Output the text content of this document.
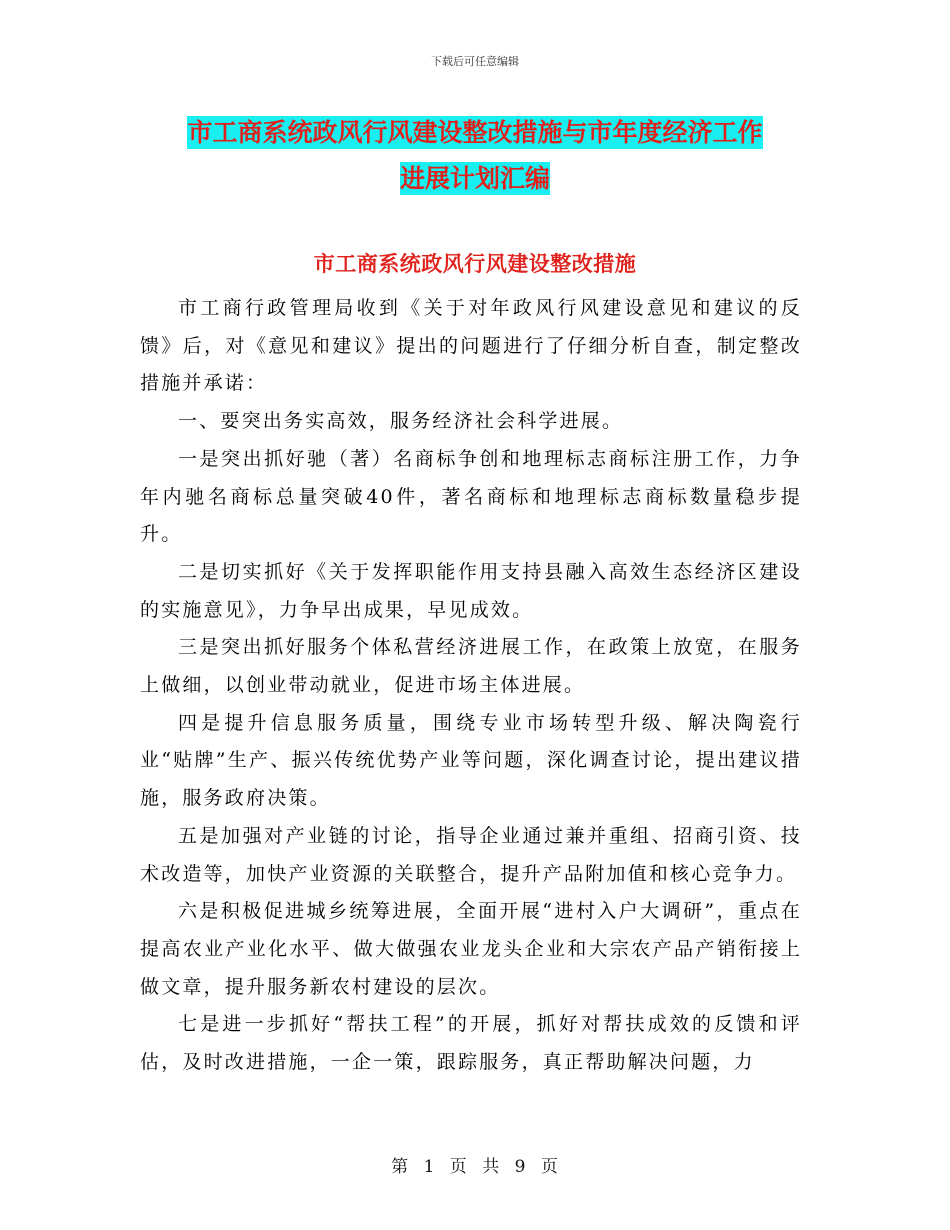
下载后可任意编辑
市工商系统政风行风建设整改措施与市年度经济工作
进展计划汇编
市工商系统政风行风建设整改措施

市工商行政管理局收到《关于对年政风行风建设意见和建议的反馈》后，对《意见和建议》提出的问题进行了仔细分析自查，制定整改措施并承诺：

一、要突出务实高效，服务经济社会科学进展。

一是突出抓好驰（著）名商标争创和地理标志商标注册工作，力争年内驰名商标总量突破40件，著名商标和地理标志商标数量稳步提升。

二是切实抓好《关于发挥职能作用支持县融入高效生态经济区建设的实施意见》，力争早出成果，早见成效。

三是突出抓好服务个体私营经济进展工作，在政策上放宽，在服务上做细，以创业带动就业，促进市场主体进展。

四是提升信息服务质量，围绕专业市场转型升级、解决陶瓷行业“贴牌”生产、振兴传统优势产业等问题，深化调查讨论，提出建议措施，服务政府决策。

五是加强对产业链的讨论，指导企业通过兼并重组、招商引资、技术改造等，加快产业资源的关联整合，提升产品附加值和核心竞争力。

六是积极促进城乡统筹进展，全面开展“进村入户大调研”，重点在提高农业产业化水平、做大做强农业龙头企业和大宗农产品产销衔接上做文章，提升服务新农村建设的层次。

七是进一步抓好“帮扶工程”的开展，抓好对帮扶成效的反馈和评估，及时改进措施，一企一策，跟踪服务，真正帮助解决问题，力

第 1 页 共 9 页
